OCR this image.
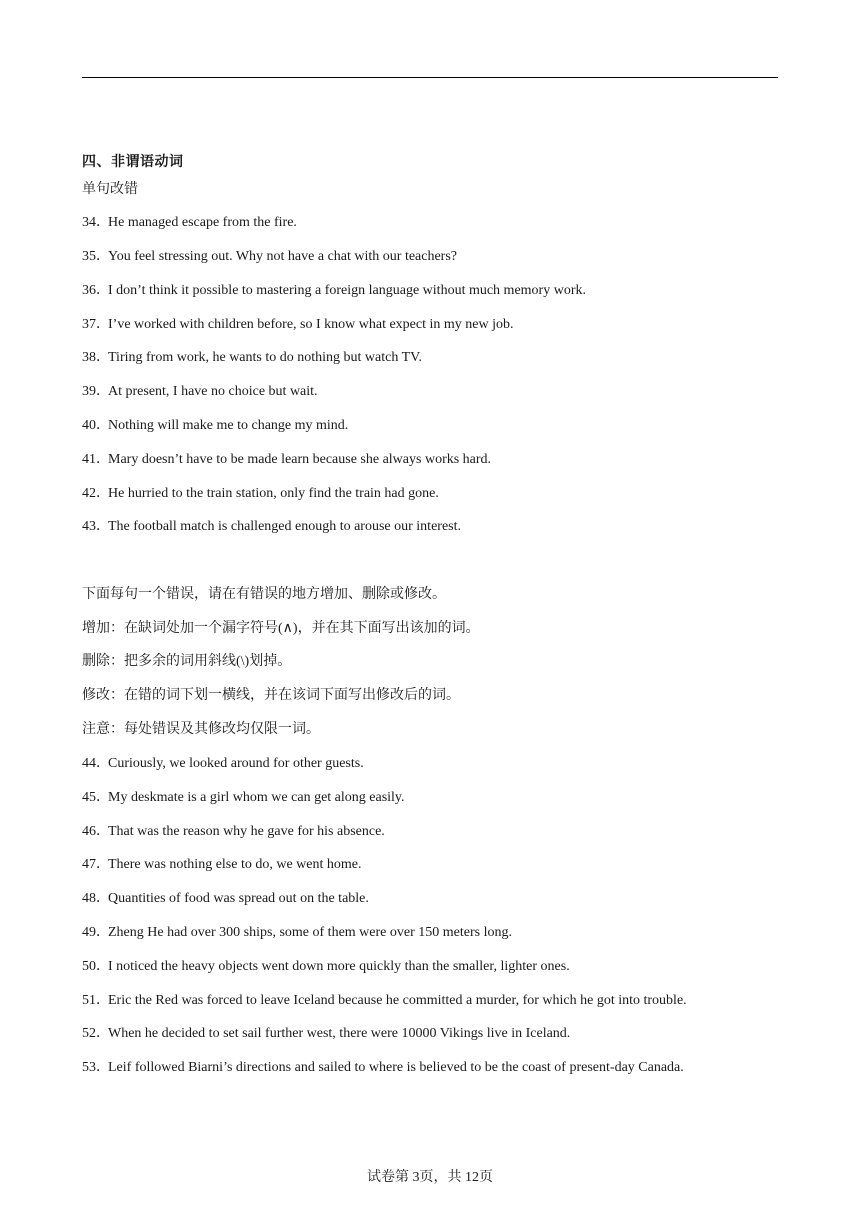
四、非谓语动词
单句改错
34．He managed escape from the fire.
35．You feel stressing out. Why not have a chat with our teachers?
36．I don’t think it possible to mastering a foreign language without much memory work.
37．I’ve worked with children before, so I know what expect in my new job.
38．Tiring from work, he wants to do nothing but watch TV.
39．At present, I have no choice but wait.
40．Nothing will make me to change my mind.
41．Mary doesn’t have to be made learn because she always works hard.
42．He hurried to the train station, only find the train had gone.
43．The football match is challenged enough to arouse our interest.
下面每句一个错误，请在有错误的地方增加、删除或修改。
增加：在缺词处加一个漏字符号(∧)，并在其下面写出该加的词。
删除：把多余的词用斜线(\)划掉。
修改：在错的词下划一横线，并在该词下面写出修改后的词。
注意：每处错误及其修改均仅限一词。
44．Curiously, we looked around for other guests.
45．My deskmate is a girl whom we can get along easily.
46．That was the reason why he gave for his absence.
47．There was nothing else to do, we went home.
48．Quantities of food was spread out on the table.
49．Zheng He had over 300 ships, some of them were over 150 meters long.
50．I noticed the heavy objects went down more quickly than the smaller, lighter ones.
51．Eric the Red was forced to leave Iceland because he committed a murder, for which he got into trouble.
52．When he decided to set sail further west, there were 10000 Vikings live in Iceland.
53．Leif followed Biarni’s directions and sailed to where is believed to be the coast of present-day Canada.
试卷第 3页，共 12页
